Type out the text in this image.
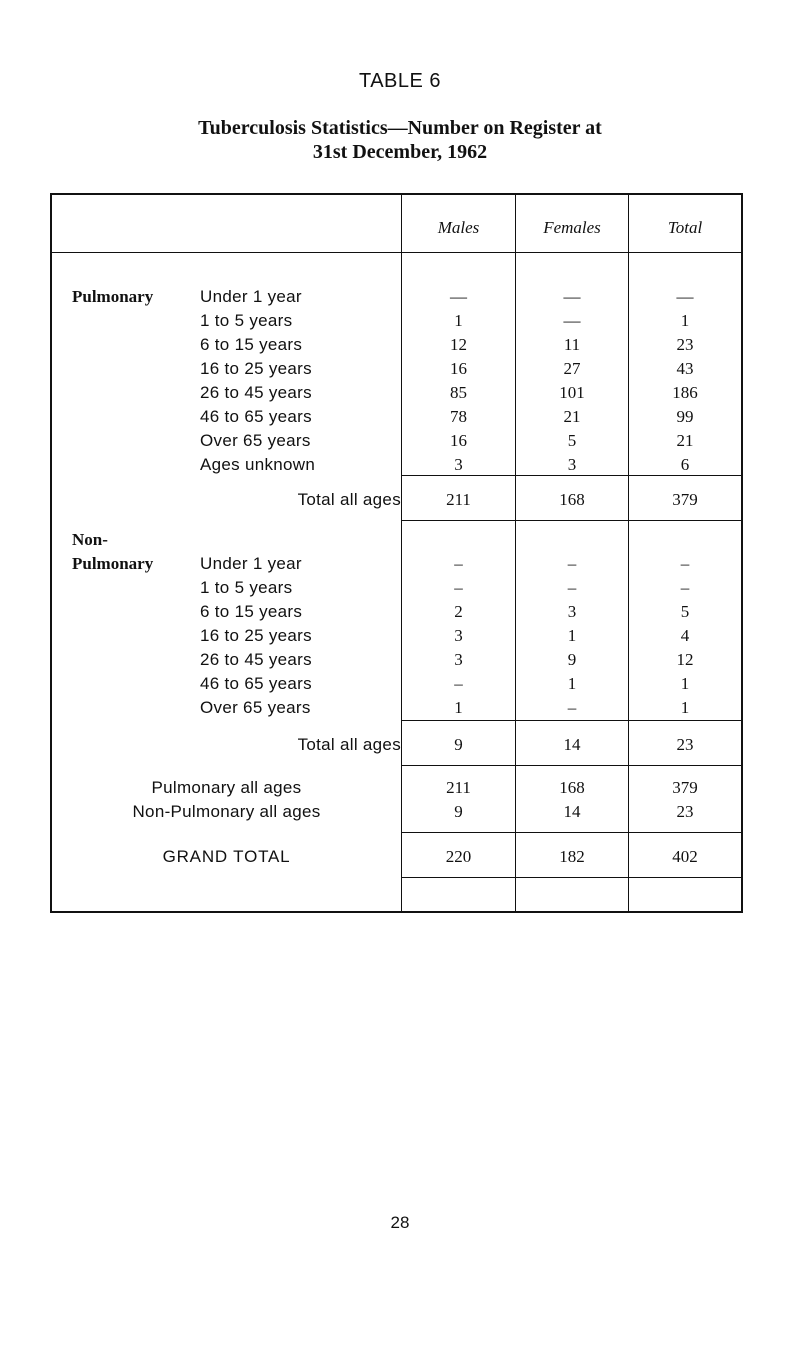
TABLE 6
Tuberculosis Statistics—Number on Register at
31st December, 1962
Males	Females	Total
Pulmonary	Under 1 year	—	—	—
1 to 5 years	1	—	1
6 to 15 years	12	11	23
16 to 25 years	16	27	43
26 to 45 years	85	101	186
46 to 65 years	78	21	99
Over 65 years	16	5	21
Ages unknown	3	3	6
Total all ages	211	168	379
Non-
Pulmonary	Under 1 year	–	–	–
1 to 5 years	–	–	–
6 to 15 years	2	3	5
16 to 25 years	3	1	4
26 to 45 years	3	9	12
46 to 65 years	–	1	1
Over 65 years	1	–	1
Total all ages	9	14	23
Pulmonary all ages	211	168	379
Non-Pulmonary all ages	9	14	23
GRAND TOTAL	220	182	402
28
